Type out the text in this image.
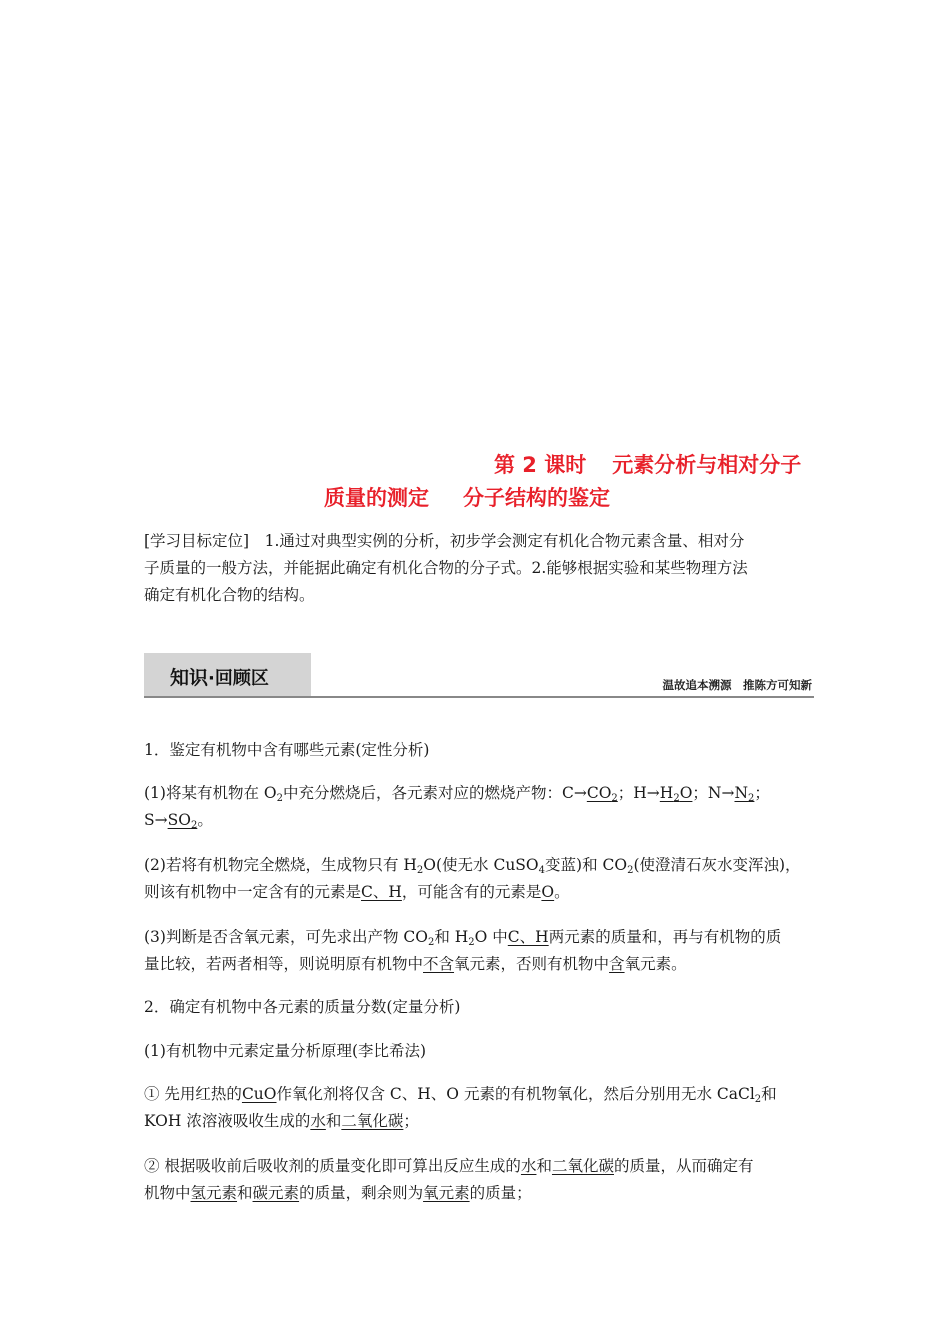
第 2 课时 元素分析与相对分子
质量的测定 分子结构的鉴定
[学习目标定位]　1.通过对典型实例的分析，初步学会测定有机化合物元素含量、相对分
子质量的一般方法，并能据此确定有机化合物的分子式。2.能够根据实验和某些物理方法
确定有机化合物的结构。
知识·回顾区	温故追本溯源　推陈方可知新
1．鉴定有机物中含有哪些元素(定性分析)
(1)将某有机物在 $O_2$中充分燃烧后，各元素对应的燃烧产物：$C\to CO_2$；$H\to H_2O$；$N\to N_2$；
$S\to SO_2$。
(2)若将有机物完全燃烧，生成物只有 $H_2O$(使无水 CuSO$_4$变蓝)和 $CO_2$(使澄清石灰水变浑浊)，
则该有机物中一定含有的元素是C、H，可能含有的元素是O。
(3)判断是否含氧元素，可先求出产物 $CO_2$和 $H_2O$ 中C、H两元素的质量和，再与有机物的质
量比较，若两者相等，则说明原有机物中不含氧元素，否则有机物中含氧元素。
2．确定有机物中各元素的质量分数(定量分析)
(1)有机物中元素定量分析原理(李比希法)
① 先用红热的CuO作氧化剂将仅含 C、H、O 元素的有机物氧化，然后分别用无水 CaCl$_2$和
KOH 浓溶液吸收生成的水和二氧化碳；
② 根据吸收前后吸收剂的质量变化即可算出反应生成的水和二氧化碳的质量，从而确定有
机物中氢元素和碳元素的质量，剩余则为氧元素的质量；
